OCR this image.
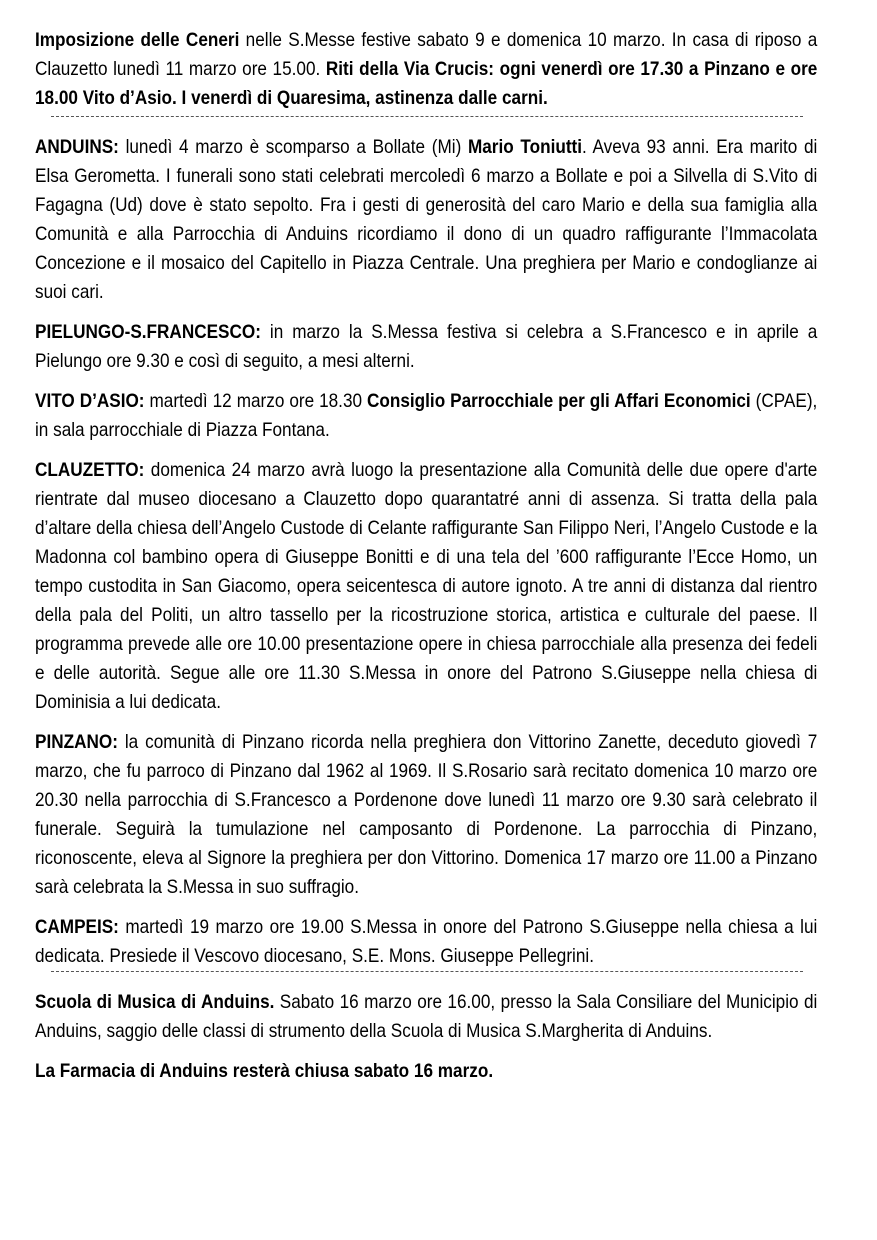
Imposizione delle Ceneri nelle S.Messe festive sabato 9 e domenica 10 marzo. In casa di riposo a Clauzetto lunedì 11 marzo ore 15.00. Riti della Via Crucis: ogni venerdì ore 17.30 a Pinzano e ore 18.00 Vito d’Asio. I venerdì di Quaresima, astinenza dalle carni.

ANDUINS: lunedì 4 marzo è scomparso a Bollate (Mi) Mario Toniutti. Aveva 93 anni. Era marito di Elsa Gerometta. I funerali sono stati celebrati mercoledì 6 marzo a Bollate e poi a Silvella di S.Vito di Fagagna (Ud) dove è stato sepolto. Fra i gesti di generosità del caro Mario e della sua famiglia alla Comunità e alla Parrocchia di Anduins ricordiamo il dono di un quadro raffigurante l’Immacolata Concezione e il mosaico del Capitello in Piazza Centrale. Una preghiera per Mario e condoglianze ai suoi cari.

PIELUNGO-S.FRANCESCO: in marzo la S.Messa festiva si celebra a S.Francesco e in aprile a Pielungo ore 9.30 e così di seguito, a mesi alterni.

VITO D’ASIO: martedì 12 marzo ore 18.30 Consiglio Parrocchiale per gli Affari Economici (CPAE), in sala parrocchiale di Piazza Fontana.

CLAUZETTO: domenica 24 marzo avrà luogo la presentazione alla Comunità delle due opere d'arte rientrate dal museo diocesano a Clauzetto dopo quarantatré anni di assenza. Si tratta della pala d’altare della chiesa dell’Angelo Custode di Celante raffigurante San Filippo Neri, l’Angelo Custode e la Madonna col bambino opera di Giuseppe Bonitti e di una tela del ’600 raffigurante l’Ecce Homo, un tempo custodita in San Giacomo, opera seicentesca di autore ignoto. A tre anni di distanza dal rientro della pala del Politi, un altro tassello per la ricostruzione storica, artistica e culturale del paese. Il programma prevede alle ore 10.00 presentazione opere in chiesa parrocchiale alla presenza dei fedeli e delle autorità. Segue alle ore 11.30 S.Messa in onore del Patrono S.Giuseppe nella chiesa di Dominisia a lui dedicata.

PINZANO: la comunità di Pinzano ricorda nella preghiera don Vittorino Zanette, deceduto giovedì 7 marzo, che fu parroco di Pinzano dal 1962 al 1969. Il S.Rosario sarà recitato domenica 10 marzo ore 20.30 nella parrocchia di S.Francesco a Pordenone dove lunedì 11 marzo ore 9.30 sarà celebrato il funerale. Seguirà la tumulazione nel camposanto di Pordenone. La parrocchia di Pinzano, riconoscente, eleva al Signore la preghiera per don Vittorino. Domenica 17 marzo ore 11.00 a Pinzano sarà celebrata la S.Messa in suo suffragio.

CAMPEIS: martedì 19 marzo ore 19.00 S.Messa in onore del Patrono S.Giuseppe nella chiesa a lui dedicata. Presiede il Vescovo diocesano, S.E. Mons. Giuseppe Pellegrini.

Scuola di Musica di Anduins. Sabato 16 marzo ore 16.00, presso la Sala Consiliare del Municipio di Anduins, saggio delle classi di strumento della Scuola di Musica S.Margherita di Anduins.

La Farmacia di Anduins resterà chiusa sabato 16 marzo.
